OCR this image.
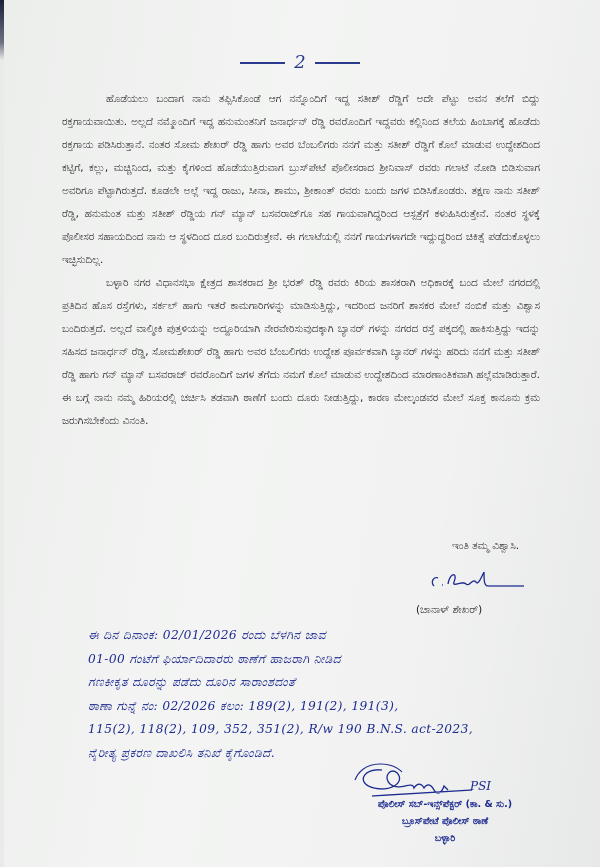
2

ಹೊಡೆಯಲು ಬಂದಾಗ ನಾನು ತಪ್ಪಿಸಿಕೊಂಡೆ ಆಗ ನನ್ನೊಂದಿಗೆ ಇದ್ದ ಸತೀಶ್ ರೆಡ್ಡಿಗೆ ಅದೇ ಪೆಟ್ಟು ಅವನ ತಲೆಗೆ ಬಿದ್ದು ರಕ್ತಗಾಯವಾಯಿತು. ಅಲ್ಲದೆ ನಮ್ಮೊಂದಿಗೆ ಇದ್ದ ಹನುಮಂತನಿಗೆ ಜನಾರ್ಧನ್ ರೆಡ್ಡಿ ರವರೊಂದಿಗೆ ಇದ್ದವರು ಕಲ್ಲಿನಿಂದ ತಲೆಯ ಹಿಂಬಾಗಕ್ಕೆ ಹೊಡೆದು ರಕ್ತಗಾಯ ಪಡಿಸಿರುತ್ತಾನೆ. ನಂತರ ಸೋಮ ಶೇಖರ್ ರೆಡ್ಡಿ ಹಾಗು ಅವರ ಬೆಂಬಲಿಗರು ನನಗೆ ಮತ್ತು ಸತೀಶ್ ರೆಡ್ಡಿಗೆ ಕೊಲೆ ಮಾಡುವ ಉದ್ದೇಶದಿಂದ ಕಟ್ಟಿಗೆ, ಕಲ್ಲು, ಮಚ್ಚಿನಿಂದ, ಮತ್ತು ಕೈಗಳಿಂದ ಹೊಡೆಯುತ್ತಿರುವಾಗ ಬ್ರುಸ್‌ಪೇಟೆ ಪೊಲೀಸರಾದ ಶ್ರೀನಿವಾಸ್ ರವರು ಗಲಾಟೆ ನೋಡಿ ಬಿಡಿಸುವಾಗ ಅವರಿಗೂ ಪೆಟ್ಟಾಗಿರುತ್ತದೆ. ಕೂಡಲೇ ಅಲ್ಲೆ ಇದ್ದ ರಾಜು, ಸೀನಾ, ಶಾಮು, ಶ್ರೀಕಾಂತ್ ರವರು ಬಂದು ಜಗಳ ಬಿಡಿಸಿಕೊಂಡರು. ತಕ್ಷಣ ನಾನು ಸತೀಶ್ ರೆಡ್ಡಿ, ಹನುಮಂತ ಮತ್ತು ಸತೀಶ್ ರೆಡ್ಡಿಯ ಗನ್ ಮ್ಯಾನ್ ಬಸವರಾಜ್‌ಗೂ ಸಹ ಗಾಯವಾಗಿದ್ದರಿಂದ ಆಸ್ಪತ್ರೆಗೆ ಕಳುಹಿಸಿರುತ್ತೇನೆ. ನಂತರ ಸ್ಥಳಕ್ಕೆ ಪೊಲೀಸರ ಸಹಾಯದಿಂದ ನಾನು ಆ ಸ್ಥಳದಿಂದ ದೂರ ಬಂದಿರುತ್ತೇನೆ. ಈ ಗಲಾಟೆಯಲ್ಲಿ ನನಗೆ ಗಾಯಗಳಾಗದೇ ಇದ್ದುದ್ದರಿಂದ ಚಿಕಿತ್ಸೆ ಪಡೆದುಕೊಳ್ಳಲು ಇಚ್ಛಿಸುದಿಲ್ಲ.

ಬಳ್ಳಾರಿ ನಗರ ವಿಧಾನಸಭಾ ಕ್ಷೇತ್ರದ ಶಾಸಕರಾದ ಶ್ರೀ ಭರತ್ ರೆಡ್ಡಿ ರವರು ಕಿರಿಯ ಶಾಸಕರಾಗಿ ಅಧಿಕಾರಕ್ಕೆ ಬಂದ ಮೇಲೆ ನಗರದಲ್ಲಿ ಪ್ರತಿದಿನ ಹೊಸ ರಸ್ತೆಗಳು, ಸರ್ಕಲ್ ಹಾಗು ಇತರೆ ಕಾಮಗಾರಿಗಳನ್ನು ಮಾಡಿಸುತ್ತಿದ್ದು, ಇದರಿಂದ ಜನರಿಗೆ ಶಾಸಕರ ಮೇಲೆ ನಂಬಿಕೆ ಮತ್ತು ವಿಶ್ವಾಸ ಬಂದಿರುತ್ತದೆ. ಅಲ್ಲದೆ ವಾಲ್ಮೀಕಿ ಪುತ್ತಳಿಯನ್ನು ಅದ್ದೂರಿಯಾಗಿ ನೇರವೇರಿಸುವುದಕ್ಕಾಗಿ ಬ್ಯಾನರ್ ಗಳನ್ನು ನಗರದ ರಸ್ತೆ ಪಕ್ಕದಲ್ಲಿ ಹಾಕಿಸುತ್ತಿದ್ದು ಇದನ್ನು ಸಹಿಸದ ಜನಾರ್ಧನ್ ರೆಡ್ಡಿ, ಸೋಮಶೇಖರ್ ರೆಡ್ಡಿ ಹಾಗು ಅವರ ಬೆಂಬಲಿಗರು ಉದ್ದೇಶ ಪೂರ್ವಕವಾಗಿ ಬ್ಯಾನರ್ ಗಳನ್ನು ಹರಿದು ನನಗೆ ಮತ್ತು ಸತೀಶ್ ರೆಡ್ಡಿ ಹಾಗು ಗನ್ ಮ್ಯಾನ್ ಬಸವರಾಜ್ ರವರೊಂದಿಗೆ ಜಗಳ ತೆಗೆದು ನಮಗೆ ಕೊಲೆ ಮಾಡುವ ಉದ್ದೇಶದಿಂದ ಮಾರಣಾಂತಿಕವಾಗಿ ಹಲ್ಲೆಮಾಡಿರುತ್ತಾರೆ. ಈ ಬಗ್ಗೆ ನಾನು ನಮ್ಮ ಹಿರಿಯರಲ್ಲಿ ಚರ್ಚಿಸಿ ತಡವಾಗಿ ಠಾಣೆಗೆ ಬಂದು ದೂರು ನೀಡುತ್ತಿದ್ದು, ಕಾರಣ ಮೇಲ್ಕಂಡವರ ಮೇಲೆ ಸೂಕ್ತ ಕಾನೂನು ಕ್ರಮ ಜರುಗಿಸಬೇಕೆಂದು ವಿನಂತಿ.

ಇಂತಿ ತಮ್ಮ ವಿಶ್ವಾಸಿ.
(ಚಾನಾಳ್ ಶೇಖರ್)
ಈ ದಿನ ದಿನಾಂಕ: 02/01/2026 ರಂದು ಬೆಳಗಿನ ಜಾವ
01-00 ಗಂಟೆಗೆ ಫಿರ್ಯಾದಿದಾರರು ಠಾಣೆಗೆ ಹಾಜರಾಗಿ ನೀಡಿದ
ಗಣಕೀಕೃತ ದೂರನ್ನು ಪಡೆದು ದೂರಿನ ಸಾರಾಂಶದಂತೆ
ಠಾಣಾ ಗುನ್ನೆ ನಂ: 02/2026 ಕಲಂ: 189(2), 191(2), 191(3),
115(2), 118(2), 109, 352, 351(2), R/w 190 B.N.S. act-2023,
ನೈರೀತ್ಯ ಪ್ರಕರಣ ದಾಖಲಿಸಿ ತನಿಖೆ ಕೈಗೊಂಡಿದೆ.
PSI
ಪೊಲೀಸ್ ಸಬ್-ಇನ್ಸ್‌ಪೆಕ್ಟರ್ (ಕಾ. & ಸು.)
ಬ್ರೂಸ್‌ಪೇಟೆ ಪೊಲೀಸ್ ಠಾಣೆ
ಬಳ್ಳಾರಿ
